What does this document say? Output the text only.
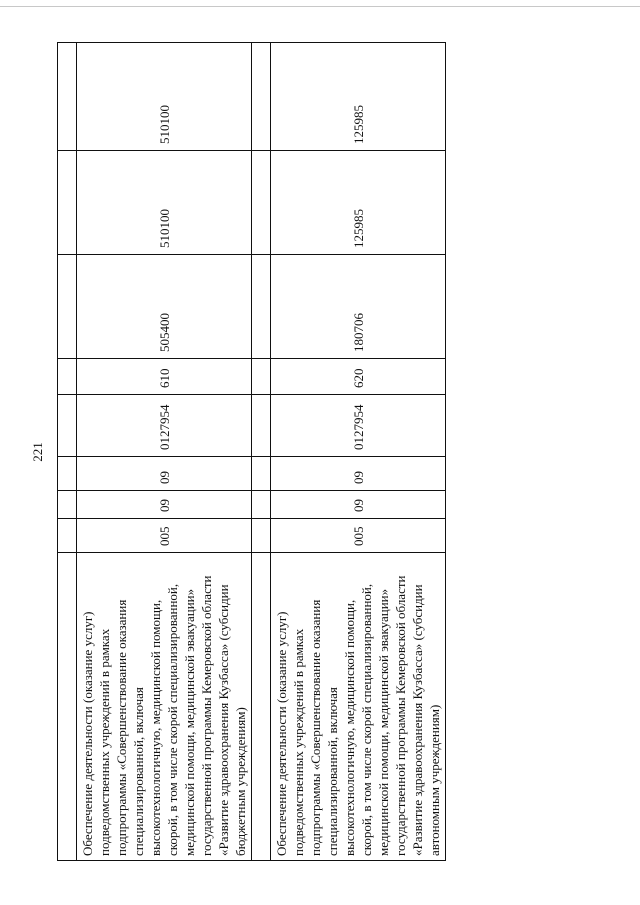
221

Обеспечение деятельности (оказание услуг) подведомственных учреждений в рамках подпрограммы «Совершенствование оказания специализированной, включая высокотехнологичную, медицинской помощи, скорой, в том числе скорой специализированной, медицинской помощи, медицинской эвакуации» государственной программы Кемеровской области «Развитие здравоохранения Кузбасса» (субсидии бюджетным учреждениям)	005	09	09	0127954	610	505400	510100	510100

Обеспечение деятельности (оказание услуг) подведомственных учреждений в рамках подпрограммы «Совершенствование оказания специализированной, включая высокотехнологичную, медицинской помощи, скорой, в том числе скорой специализированной, медицинской помощи, медицинской эвакуации» государственной программы Кемеровской области «Развитие здравоохранения Кузбасса» (субсидии автономным учреждениям)	005	09	09	0127954	620	180706	125985	125985
